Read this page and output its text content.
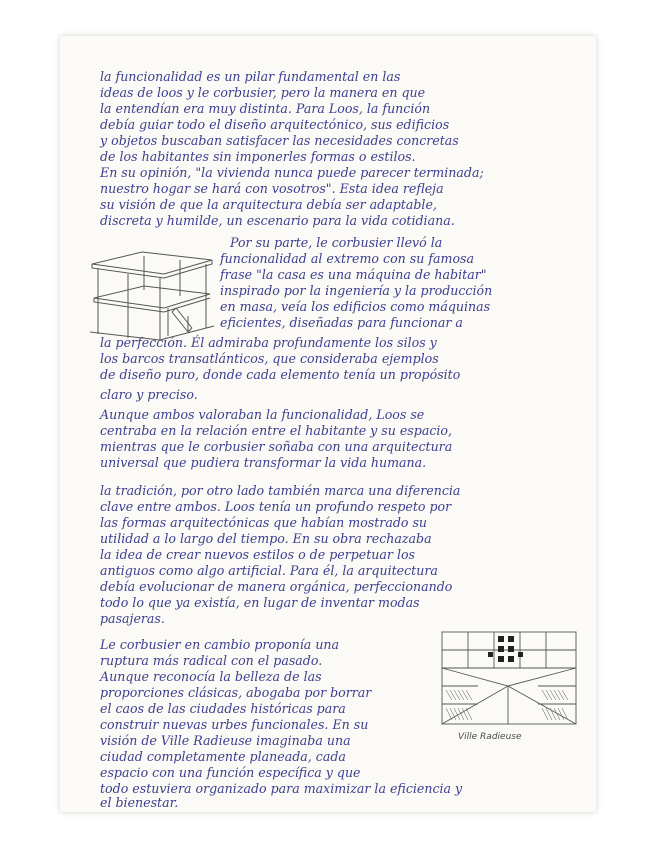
la funcionalidad es un pilar fundamental en las
ideas de loos y le corbusier, pero la manera en que
la entendían era muy distinta. Para Loos, la función
debía guiar todo el diseño arquitectónico, sus edificios
y objetos buscaban satisfacer las necesidades concretas
de los habitantes sin imponerles formas o estilos.
En su opinión, "la vivienda nunca puede parecer terminada;
nuestro hogar se hará con vosotros". Esta idea refleja
su visión de que la arquitectura debía ser adaptable,
discreta y humilde, un escenario para la vida cotidiana.
Por su parte, le corbusier llevó la
funcionalidad al extremo con su famosa
frase "la casa es una máquina de habitar"
inspirado por la ingeniería y la producción
en masa, veía los edificios como máquinas
eficientes, diseñadas para funcionar a
la perfección. Él admiraba profundamente los silos y
los barcos transatlánticos, que consideraba ejemplos
de diseño puro, donde cada elemento tenía un propósito
claro y preciso.
Aunque ambos valoraban la funcionalidad, Loos se
centraba en la relación entre el habitante y su espacio,
mientras que le corbusier soñaba con una arquitectura
universal que pudiera transformar la vida humana.
la tradición, por otro lado también marca una diferencia
clave entre ambos. Loos tenía un profundo respeto por
las formas arquitectónicas que habían mostrado su
utilidad a lo largo del tiempo. En su obra rechazaba
la idea de crear nuevos estilos o de perpetuar los
antiguos como algo artificial. Para él, la arquitectura
debía evolucionar de manera orgánica, perfeccionando
todo lo que ya existía, en lugar de inventar modas
pasajeras.
Le corbusier en cambio proponía una
ruptura más radical con el pasado.
Aunque reconocía la belleza de las
proporciones clásicas, abogaba por borrar
el caos de las ciudades históricas para
construir nuevas urbes funcionales. En su
visión de Ville Radieuse imaginaba una
ciudad completamente planeada, cada
espacio con una función específica y que
todo estuviera organizado para maximizar la eficiencia y
el bienestar.
Ville Radieuse
